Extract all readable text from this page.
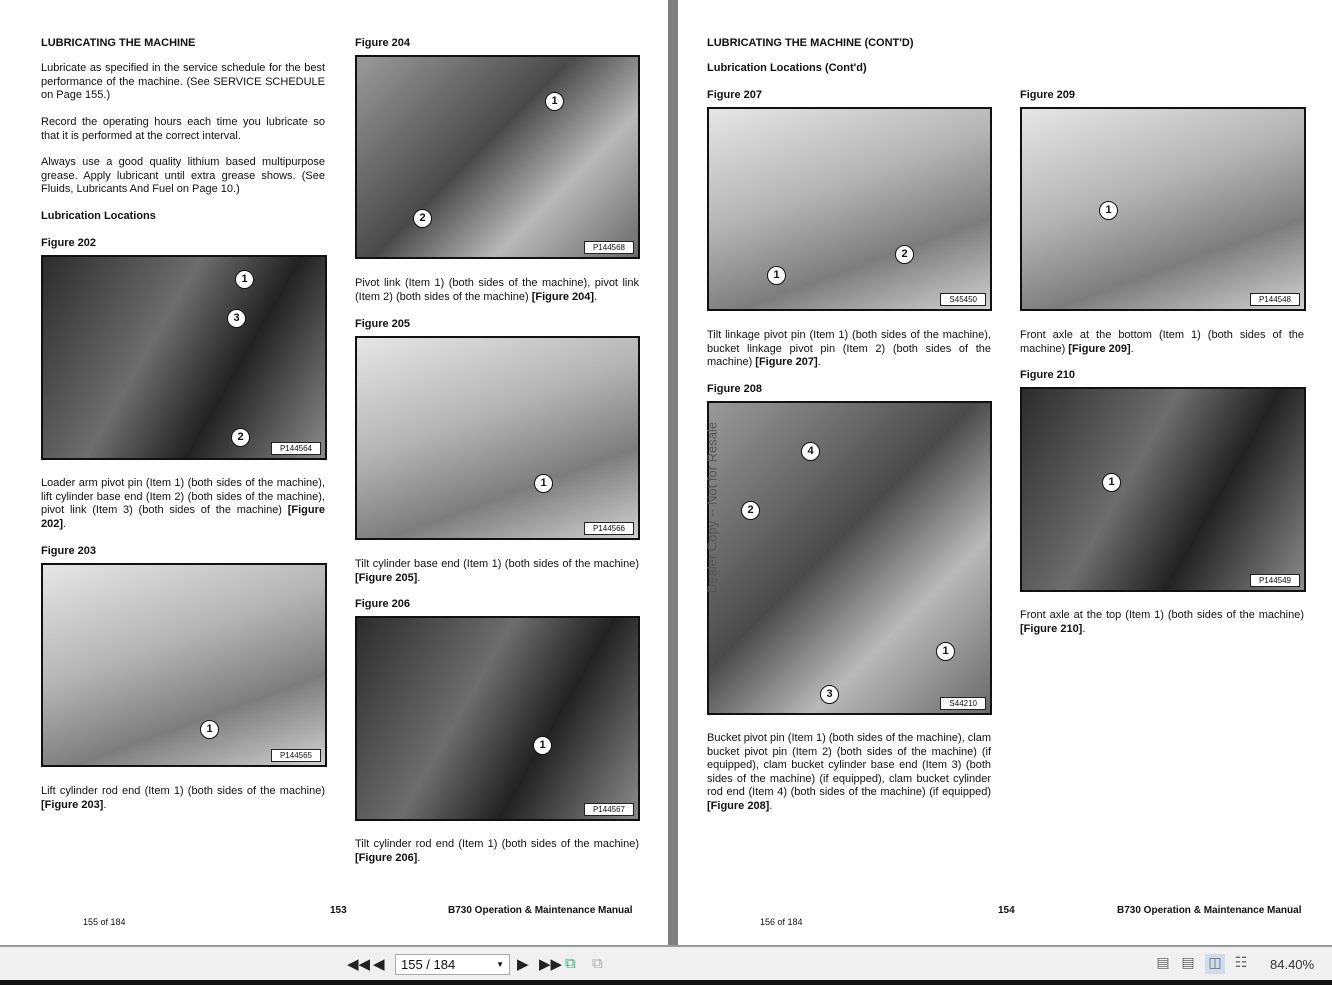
LUBRICATING THE MACHINE

Lubricate as specified in the service schedule for the best performance of the machine. (See SERVICE SCHEDULE on Page 155.)

Record the operating hours each time you lubricate so that it is performed at the correct interval.

Always use a good quality lithium based multipurpose grease. Apply lubricant until extra grease shows. (See Fluids, Lubricants And Fuel on Page 10.)

Lubrication Locations
Figure 202
1
3
2
P144564

Loader arm pivot pin (Item 1) (both sides of the machine), lift cylinder base end (Item 2) (both sides of the machine), pivot link (Item 3) (both sides of the machine) [Figure 202].

Figure 203
1
P144565

Lift cylinder rod end (Item 1) (both sides of the machine) [Figure 203].

Figure 204
1
2
P144568

Pivot link (Item 1) (both sides of the machine), pivot link (Item 2) (both sides of the machine) [Figure 204].

Figure 205
1
P144566

Tilt cylinder base end (Item 1) (both sides of the machine) [Figure 205].

Figure 206
1
P144567

Tilt cylinder rod end (Item 1) (both sides of the machine) [Figure 206].

153	B730 Operation & Maintenance Manual
155 of 184
LUBRICATING THE MACHINE (CONT'D)
Lubrication Locations (Cont'd)
Figure 207
2
1
S45450

Tilt linkage pivot pin (Item 1) (both sides of the machine), bucket linkage pivot pin (Item 2) (both sides of the machine) [Figure 207].

Figure 208
4
2
1
3
S44210

Bucket pivot pin (Item 1) (both sides of the machine), clam bucket pivot pin (Item 2) (both sides of the machine) (if equipped), clam bucket cylinder base end (Item 3) (both sides of the machine) (if equipped), clam bucket cylinder rod end (Item 4) (both sides of the machine) (if equipped) [Figure 208].

Figure 209
1
P144548

Front axle at the bottom (Item 1) (both sides of the machine) [Figure 209].

Figure 210
1
P144549

Front axle at the top (Item 1) (both sides of the machine) [Figure 210].

154	B730 Operation & Maintenance Manual
156 of 184
Dealer Copy -- Not for Resale
◀◀ ◀	155 / 184	▼ ▶ ▶▶ ⧉ ⧉	▤ ▤ ◫ ☷ 84.40%
